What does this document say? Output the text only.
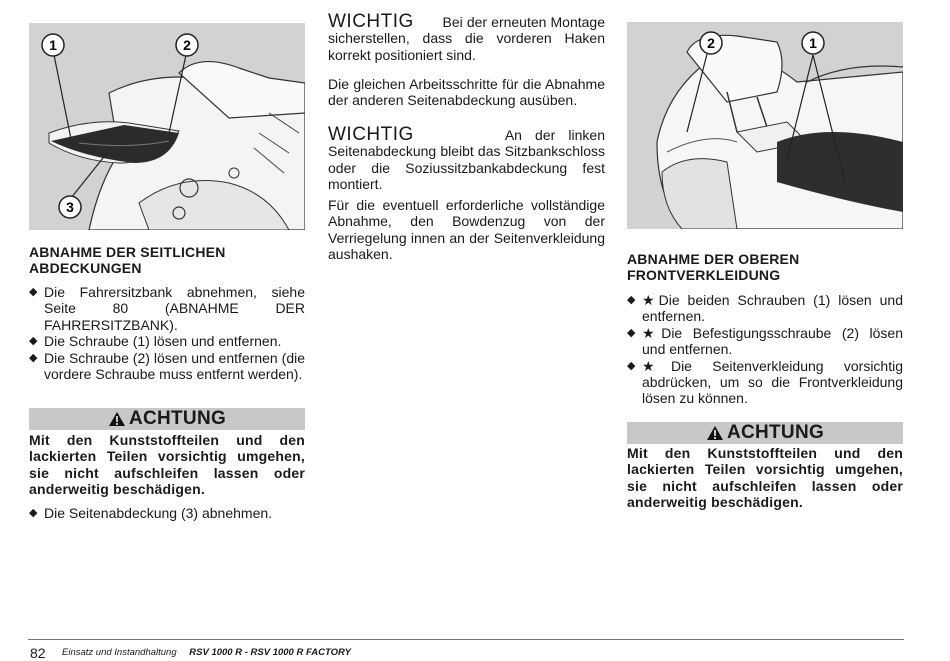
1	2
3
ABNAHME DER SEITLICHEN
ABDECKUNGEN
◆ Die Fahrersitzbank abnehmen, siehe Seite 80 (ABNAHME DER FAHRERSITZBANK).
◆ Die Schraube (1) lösen und entfernen.
◆ Die Schraube (2) lösen und entfernen (die vordere Schraube muss entfernt werden).
ACHTUNG
Mit den Kunststoffteilen und den lackierten Teilen vorsichtig umgehen, sie nicht aufschleifen lassen oder anderweitig beschädigen.
◆ Die Seitenabdeckung (3) abnehmen.
WICHTIG Bei der erneuten Montage sicherstellen, dass die vorderen Haken korrekt positioniert sind.
Die gleichen Arbeitsschritte für die Abnahme der anderen Seitenabdeckung ausüben.
WICHTIG	An der linken Seitenabdeckung bleibt das Sitzbankschloss oder die Soziussitzbankabdeckung fest montiert.
Für die eventuell erforderliche vollständige Abnahme, den Bowdenzug von der Verriegelung innen an der Seitenverkleidung aushaken.
2	1
ABNAHME DER OBEREN
FRONTVERKLEIDUNG
◆ ★Die beiden Schrauben (1) lösen und entfernen.
◆ ★Die Befestigungsschraube (2) lösen und entfernen.
◆ ★Die Seitenverkleidung vorsichtig abdrücken, um so die Frontverkleidung lösen zu können.
ACHTUNG
Mit den Kunststoffteilen und den lackierten Teilen vorsichtig umgehen, sie nicht aufschleifen lassen oder anderweitig beschädigen.
82 Einsatz und Instandhaltung RSV 1000 R - RSV 1000 R FACTORY
